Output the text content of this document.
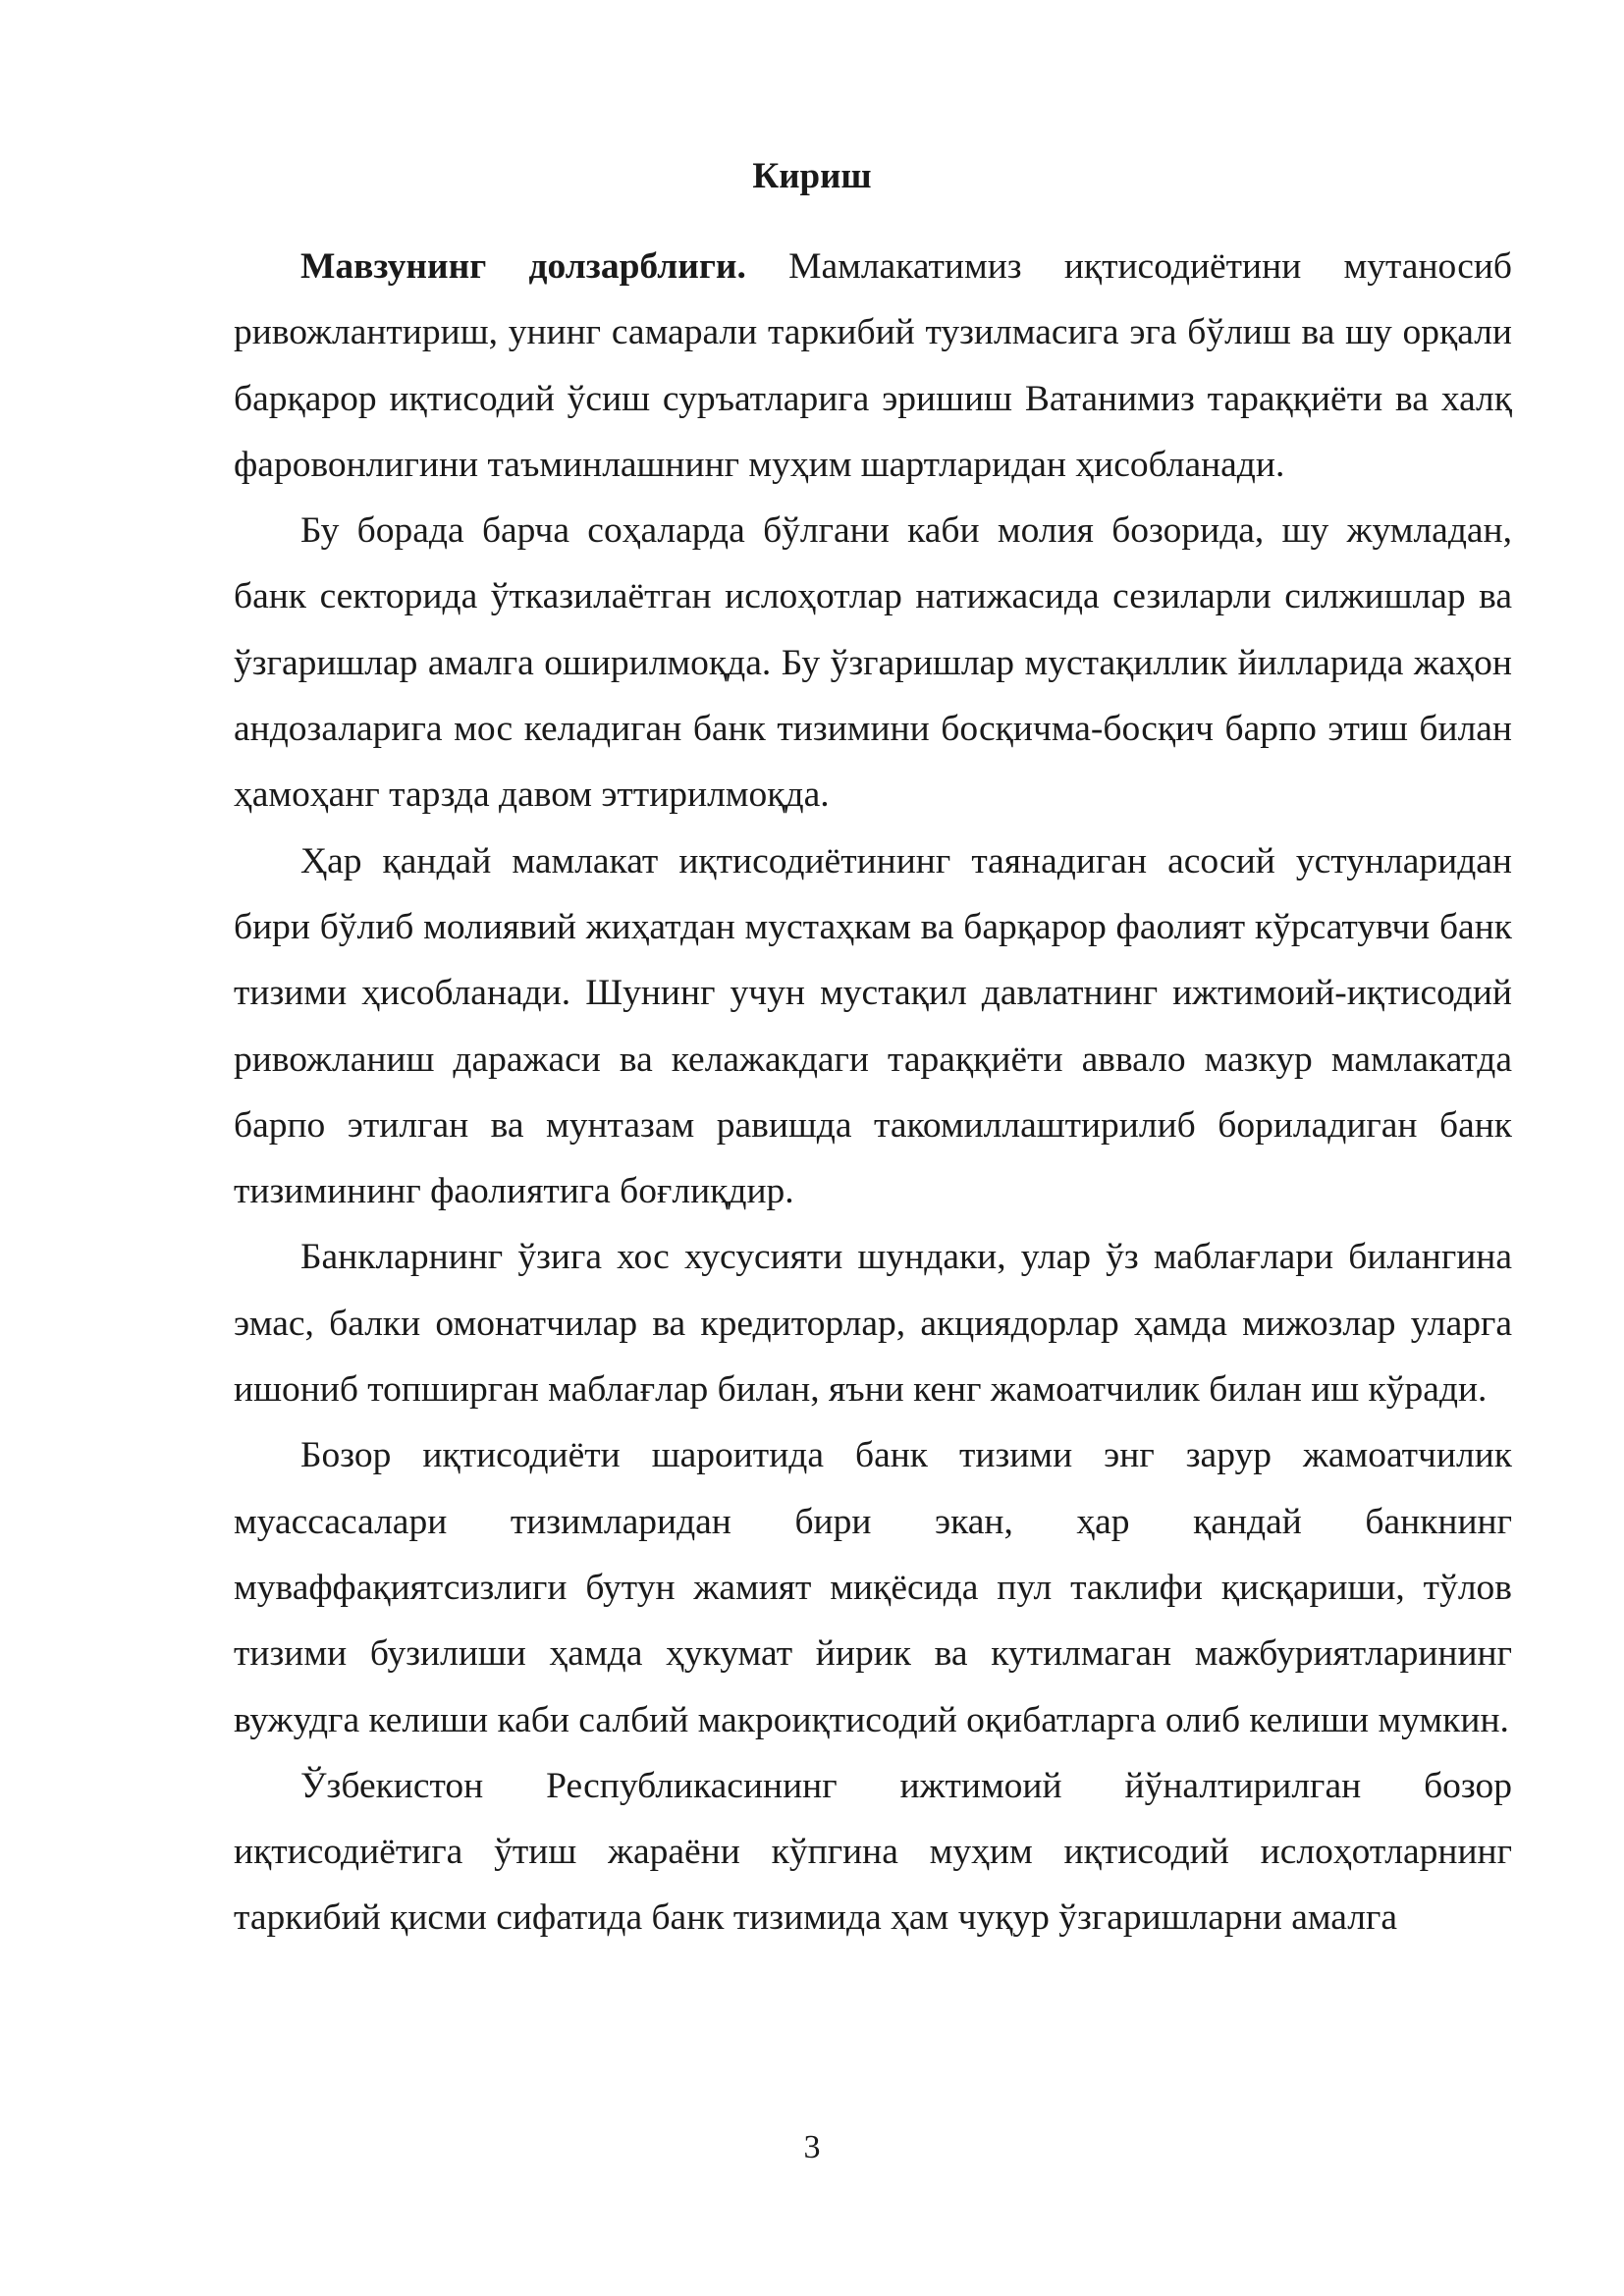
Кириш

Мавзунинг долзарблиги. Мамлакатимиз иқтисодиётини мутаносиб ривожлантириш, унинг самарали таркибий тузилмасига эга бўлиш ва шу орқали барқарор иқтисодий ўсиш суръатларига эришиш Ватанимиз тараққиёти ва халқ фаровонлигини таъминлашнинг муҳим шартларидан ҳисобланади.

Бу борада барча соҳаларда бўлгани каби молия бозорида, шу жумладан, банк секторида ўтказилаётган ислоҳотлар натижасида сезиларли силжишлар ва ўзгаришлар амалга оширилмоқда. Бу ўзгаришлар мустақиллик йилларида жаҳон андозаларига мос келадиган банк тизимини босқичма-босқич барпо этиш билан ҳамоҳанг тарзда давом эттирилмоқда.

Ҳар қандай мамлакат иқтисодиётининг таянадиган асосий устунларидан бири бўлиб молиявий жиҳатдан мустаҳкам ва барқарор фаолият кўрсатувчи банк тизими ҳисобланади. Шунинг учун мустақил давлатнинг ижтимоий-иқтисодий ривожланиш даражаси ва келажакдаги тараққиёти аввало мазкур мамлакатда барпо этилган ва мунтазам равишда такомиллаштирилиб бориладиган банк тизимининг фаолиятига боғлиқдир.

Банкларнинг ўзига хос хусусияти шундаки, улар ўз маблағлари билангина эмас, балки омонатчилар ва кредиторлар, акциядорлар ҳамда мижозлар уларга ишониб топширган маблағлар билан, яъни кенг жамоатчилик билан иш кўради.

Бозор иқтисодиёти шароитида банк тизими энг зарур жамоатчилик муассасалари тизимларидан бири экан, ҳар қандай банкнинг муваффақиятсизлиги бутун жамият миқёсида пул таклифи қисқариши, тўлов тизими бузилиши ҳамда ҳукумат йирик ва кутилмаган мажбуриятларининг вужудга келиши каби салбий макроиқтисодий оқибатларга олиб келиши мумкин.

Ўзбекистон Республикасининг ижтимоий йўналтирилган бозор иқтисодиётига ўтиш жараёни кўпгина муҳим иқтисодий ислоҳотларнинг таркибий қисми сифатида банк тизимида ҳам чуқур ўзгаришларни амалга

3
